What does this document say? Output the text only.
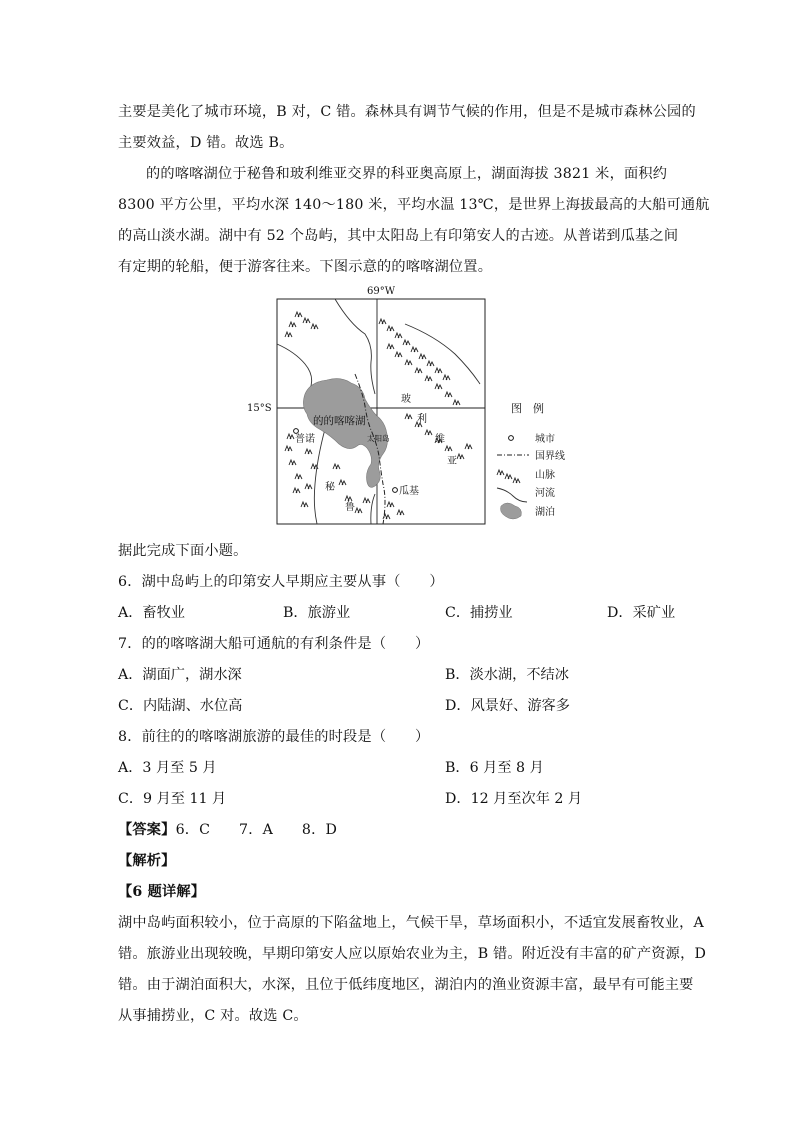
主要是美化了城市环境，B 对，C 错。森林具有调节气候的作用，但是不是城市森林公园的
主要效益，D 错。故选 B。
的的喀喀湖位于秘鲁和玻利维亚交界的科亚奥高原上，湖面海拔 3821 米，面积约
8300 平方公里，平均水深 140～180 米，平均水温 13℃，是世界上海拔最高的大船可通航
的高山淡水湖。湖中有 52 个岛屿，其中太阳岛上有印第安人的古迹。从普诺到瓜基之间
有定期的轮船，便于游客往来。下图示意的的喀喀湖位置。
69°W
15°S
的的喀喀湖
太阳岛
普诺
瓜基
玻
利
维
亚
秘
鲁
图　例
城市
国界线
山脉
河流
湖泊
据此完成下面小题。
6．湖中岛屿上的印第安人早期应主要从事（　　）
A．畜牧业	B．旅游业	C．捕捞业	D．采矿业
7．的的喀喀湖大船可通航的有利条件是（　　）
A．湖面广，湖水深	B．淡水湖，不结冰
C．内陆湖、水位高	D．风景好、游客多
8．前往的的喀喀湖旅游的最佳的时段是（　　）
A．3 月至 5 月	B．6 月至 8 月
C．9 月至 11 月	D．12 月至次年 2 月
【答案】6．C　　7．A　　8．D
【解析】
【6 题详解】
湖中岛屿面积较小，位于高原的下陷盆地上，气候干旱，草场面积小，不适宜发展畜牧业，A
错。旅游业出现较晚，早期印第安人应以原始农业为主，B 错。附近没有丰富的矿产资源，D
错。由于湖泊面积大，水深，且位于低纬度地区，湖泊内的渔业资源丰富，最早有可能主要
从事捕捞业，C 对。故选 C。
